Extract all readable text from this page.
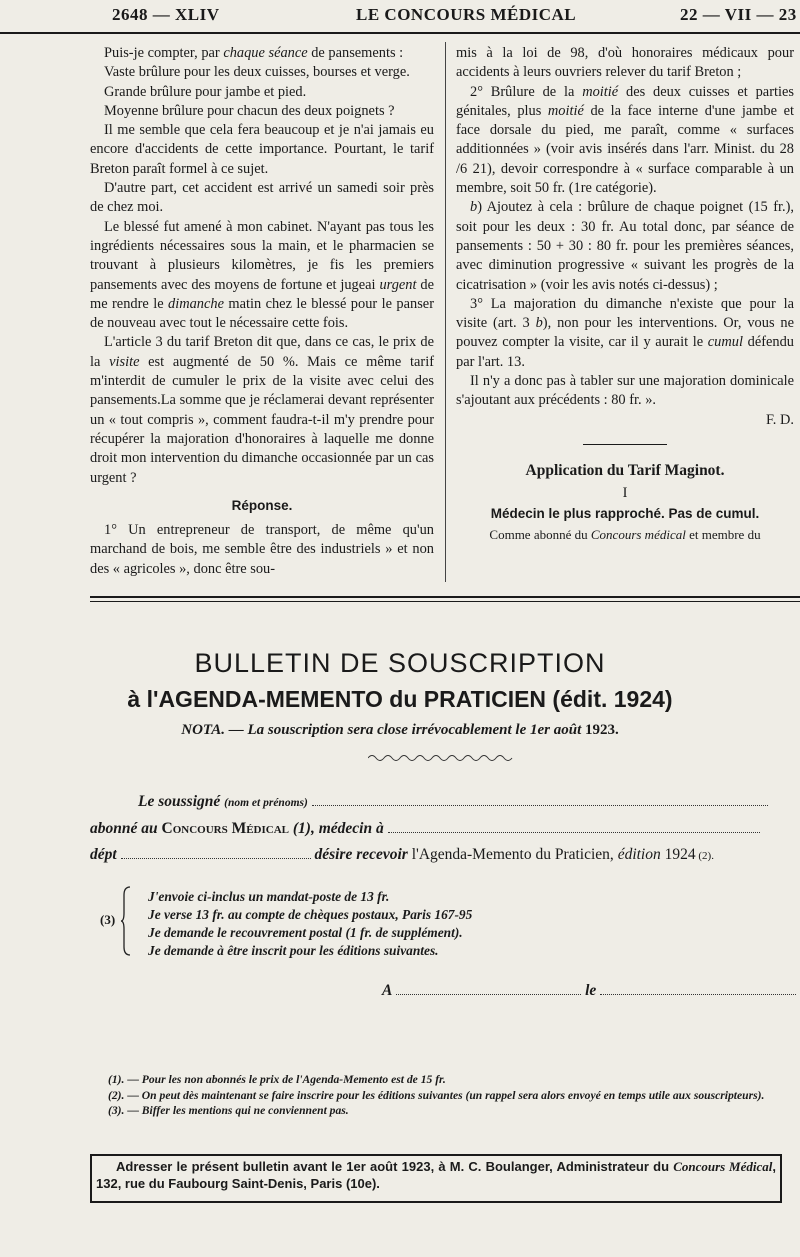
2648 — XLIV	LE CONCOURS MÉDICAL	22 — VII — 23

Puis-je compter, par chaque séance de pansements :

Vaste brûlure pour les deux cuisses, bourses et verge.

Grande brûlure pour jambe et pied.

Moyenne brûlure pour chacun des deux poignets ?

Il me semble que cela fera beaucoup et je n'ai jamais eu encore d'accidents de cette importance. Pourtant, le tarif Breton paraît formel à ce sujet.

D'autre part, cet accident est arrivé un samedi soir près de chez moi.

Le blessé fut amené à mon cabinet. N'ayant pas tous les ingrédients nécessaires sous la main, et le pharmacien se trouvant à plusieurs kilomètres, je fis les premiers pansements avec des moyens de fortune et jugeai urgent de me rendre le dimanche matin chez le blessé pour le panser de nouveau avec tout le nécessaire cette fois.

L'article 3 du tarif Breton dit que, dans ce cas, le prix de la visite est augmenté de 50 %. Mais ce même tarif m'interdit de cumuler le prix de la visite avec celui des pansements.La somme que je réclamerai devant représenter un « tout compris », comment faudra-t-il m'y prendre pour récupérer la majoration d'honoraires à laquelle me donne droit mon intervention du dimanche occasionnée par un cas urgent ?

Réponse.

1° Un entrepreneur de transport, de même qu'un marchand de bois, me semble être des industriels » et non des « agricoles », donc être sou-

mis à la loi de 98, d'où honoraires médicaux pour accidents à leurs ouvriers relever du tarif Breton ;

2° Brûlure de la moitié des deux cuisses et parties génitales, plus moitié de la face interne d'une jambe et face dorsale du pied, me paraît, comme « surfaces additionnées » (voir avis insérés dans l'arr. Minist. du 28 /6 21), devoir correspondre à « surface comparable à un membre, soit 50 fr. (1re catégorie).

b) Ajoutez à cela : brûlure de chaque poignet (15 fr.), soit pour les deux : 30 fr. Au total donc, par séance de pansements : 50 + 30 : 80 fr. pour les premières séances, avec diminution progressive « suivant les progrès de la cicatrisation » (voir les avis notés ci-dessus) ;

3° La majoration du dimanche n'existe que pour la visite (art. 3 b), non pour les interventions. Or, vous ne pouvez compter la visite, car il y aurait le cumul défendu par l'art. 13.

Il n'y a donc pas à tabler sur une majoration dominicale s'ajoutant aux précédents : 80 fr. ».

F. D.

Application du Tarif Maginot.

I

Médecin le plus rapproché. Pas de cumul.

Comme abonné du Concours médical et membre du

BULLETIN DE SOUSCRIPTION
à l'AGENDA-MEMENTO du PRATICIEN (édit. 1924)
NOTA. — La souscription sera close irrévocablement le 1er août 1923.
Le soussigné (nom et prénoms)
abonné au Concours Médical (1), médecin à
dépt	désire recevoir l'Agenda-Memento du Praticien, édition 1924 (2).
(3)
J'envoie ci-inclus un mandat-poste de 13 fr.
Je verse 13 fr. au compte de chèques postaux, Paris 167-95
Je demande le recouvrement postal (1 fr. de supplément).
Je demande à être inscrit pour les éditions suivantes.
A	le

(1). — Pour les non abonnés le prix de l'Agenda-Memento est de 15 fr.

(2). — On peut dès maintenant se faire inscrire pour les éditions suivantes (un rappel sera alors envoyé en temps utile aux souscripteurs).

(3). — Biffer les mentions qui ne conviennent pas.

Adresser le présent bulletin avant le 1er août 1923, à M. C. Boulanger, Administrateur du Concours Médical, 132, rue du Faubourg Saint-Denis, Paris (10e).
